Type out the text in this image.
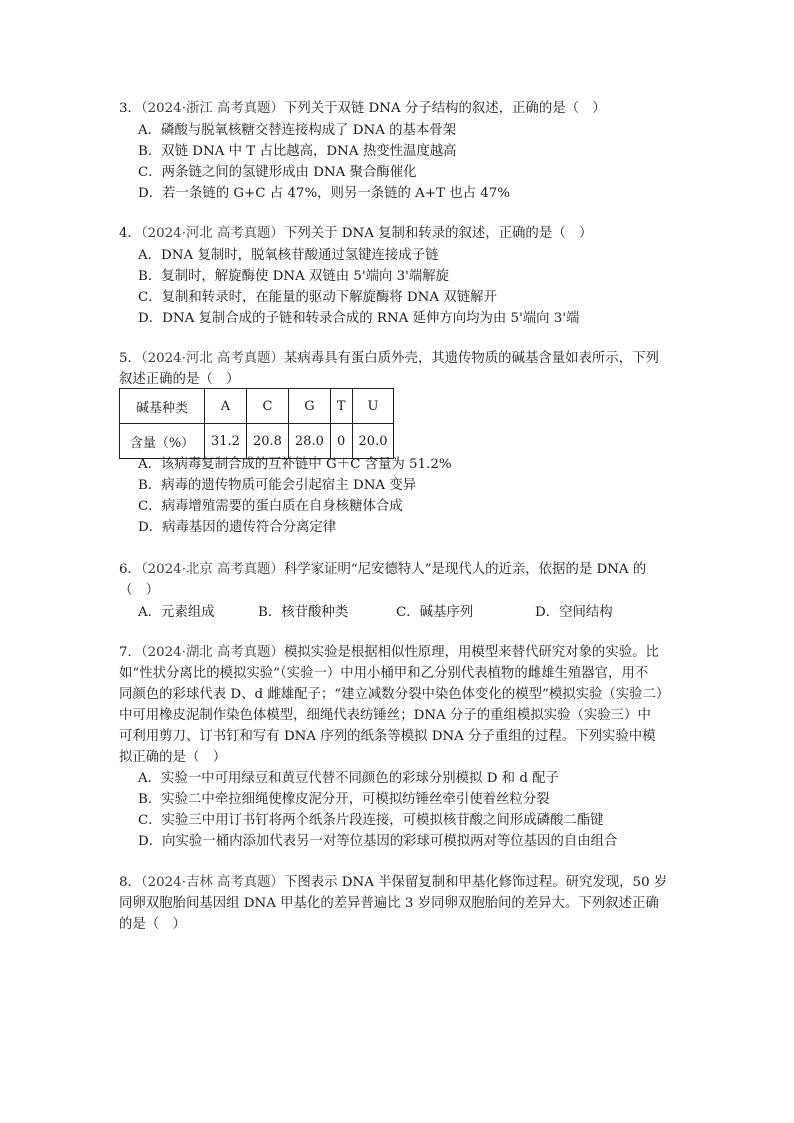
3．（2024·浙江 高考真题）下列关于双链 DNA 分子结构的叙述，正确的是（　）
A．磷酸与脱氧核糖交替连接构成了 DNA 的基本骨架
B．双链 DNA 中 T 占比越高，DNA 热变性温度越高
C．两条链之间的氢键形成由 DNA 聚合酶催化
D．若一条链的 G+C 占 47%，则另一条链的 A+T 也占 47%
4．（2024·河北 高考真题）下列关于 DNA 复制和转录的叙述，正确的是（　）
A．DNA 复制时，脱氧核苷酸通过氢键连接成子链
B．复制时，解旋酶使 DNA 双链由 5'端向 3'端解旋
C．复制和转录时，在能量的驱动下解旋酶将 DNA 双链解开
D．DNA 复制合成的子链和转录合成的 RNA 延伸方向均为由 5'端向 3'端
5．（2024·河北 高考真题）某病毒具有蛋白质外壳，其遗传物质的碱基含量如表所示，下列
叙述正确的是（　）
碱基种类	A	C	G	T	U
含量（%）	31.2	20.8	28.0	0	20.0
A．该病毒复制合成的互补链中 G＋C 含量为 51.2%
B．病毒的遗传物质可能会引起宿主 DNA 变异
C．病毒增殖需要的蛋白质在自身核糖体合成
D．病毒基因的遗传符合分离定律
6．（2024·北京 高考真题）科学家证明“尼安德特人”是现代人的近亲，依据的是 DNA 的
（　）
A．元素组成	B．核苷酸种类	C．碱基序列	D．空间结构
7．（2024·湖北 高考真题）模拟实验是根据相似性原理，用模型来替代研究对象的实验。比
如“性状分离比的模拟实验”（实验一）中用小桶甲和乙分别代表植物的雌雄生殖器官，用不
同颜色的彩球代表 D、d 雌雄配子；“建立减数分裂中染色体变化的模型”模拟实验（实验二）
中可用橡皮泥制作染色体模型，细绳代表纺锤丝；DNA 分子的重组模拟实验（实验三）中
可利用剪刀、订书钉和写有 DNA 序列的纸条等模拟 DNA 分子重组的过程。下列实验中模
拟正确的是（　）
A．实验一中可用绿豆和黄豆代替不同颜色的彩球分别模拟 D 和 d 配子
B．实验二中牵拉细绳使橡皮泥分开，可模拟纺锤丝牵引使着丝粒分裂
C．实验三中用订书钉将两个纸条片段连接，可模拟核苷酸之间形成磷酸二酯键
D．向实验一桶内添加代表另一对等位基因的彩球可模拟两对等位基因的自由组合
8．（2024·吉林 高考真题）下图表示 DNA 半保留复制和甲基化修饰过程。研究发现，50 岁
同卵双胞胎间基因组 DNA 甲基化的差异普遍比 3 岁同卵双胞胎间的差异大。下列叙述正确
的是（　）
